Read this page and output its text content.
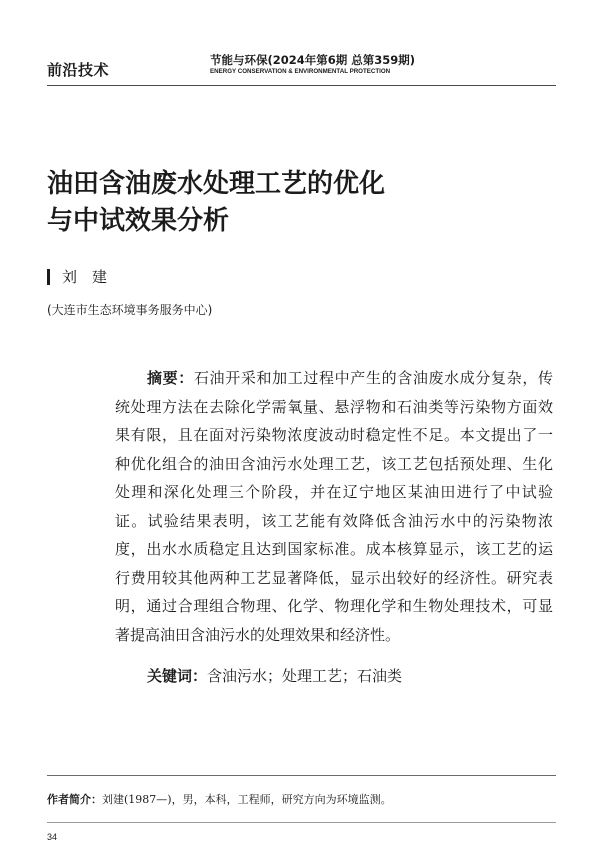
前沿技术
节能与环保(2024年第6期 总第359期)
ENERGY CONSERVATION & ENVIRONMENTAL PROTECTION
油田含油废水处理工艺的优化
与中试效果分析
刘　建
(大连市生态环境事务服务中心)
摘要：石油开采和加工过程中产生的含油废水成分复杂，传
统处理方法在去除化学需氧量、悬浮物和石油类等污染物方面效
果有限，且在面对污染物浓度波动时稳定性不足。本文提出了一
种优化组合的油田含油污水处理工艺，该工艺包括预处理、生化
处理和深化处理三个阶段，并在辽宁地区某油田进行了中试验
证。试验结果表明，该工艺能有效降低含油污水中的污染物浓
度，出水水质稳定且达到国家标准。成本核算显示，该工艺的运
行费用较其他两种工艺显著降低，显示出较好的经济性。研究表
明，通过合理组合物理、化学、物理化学和生物处理技术，可显
著提高油田含油污水的处理效果和经济性。
关键词：含油污水；处理工艺；石油类
作者简介：刘建(1987—)，男，本科，工程师，研究方向为环境监测。
34
